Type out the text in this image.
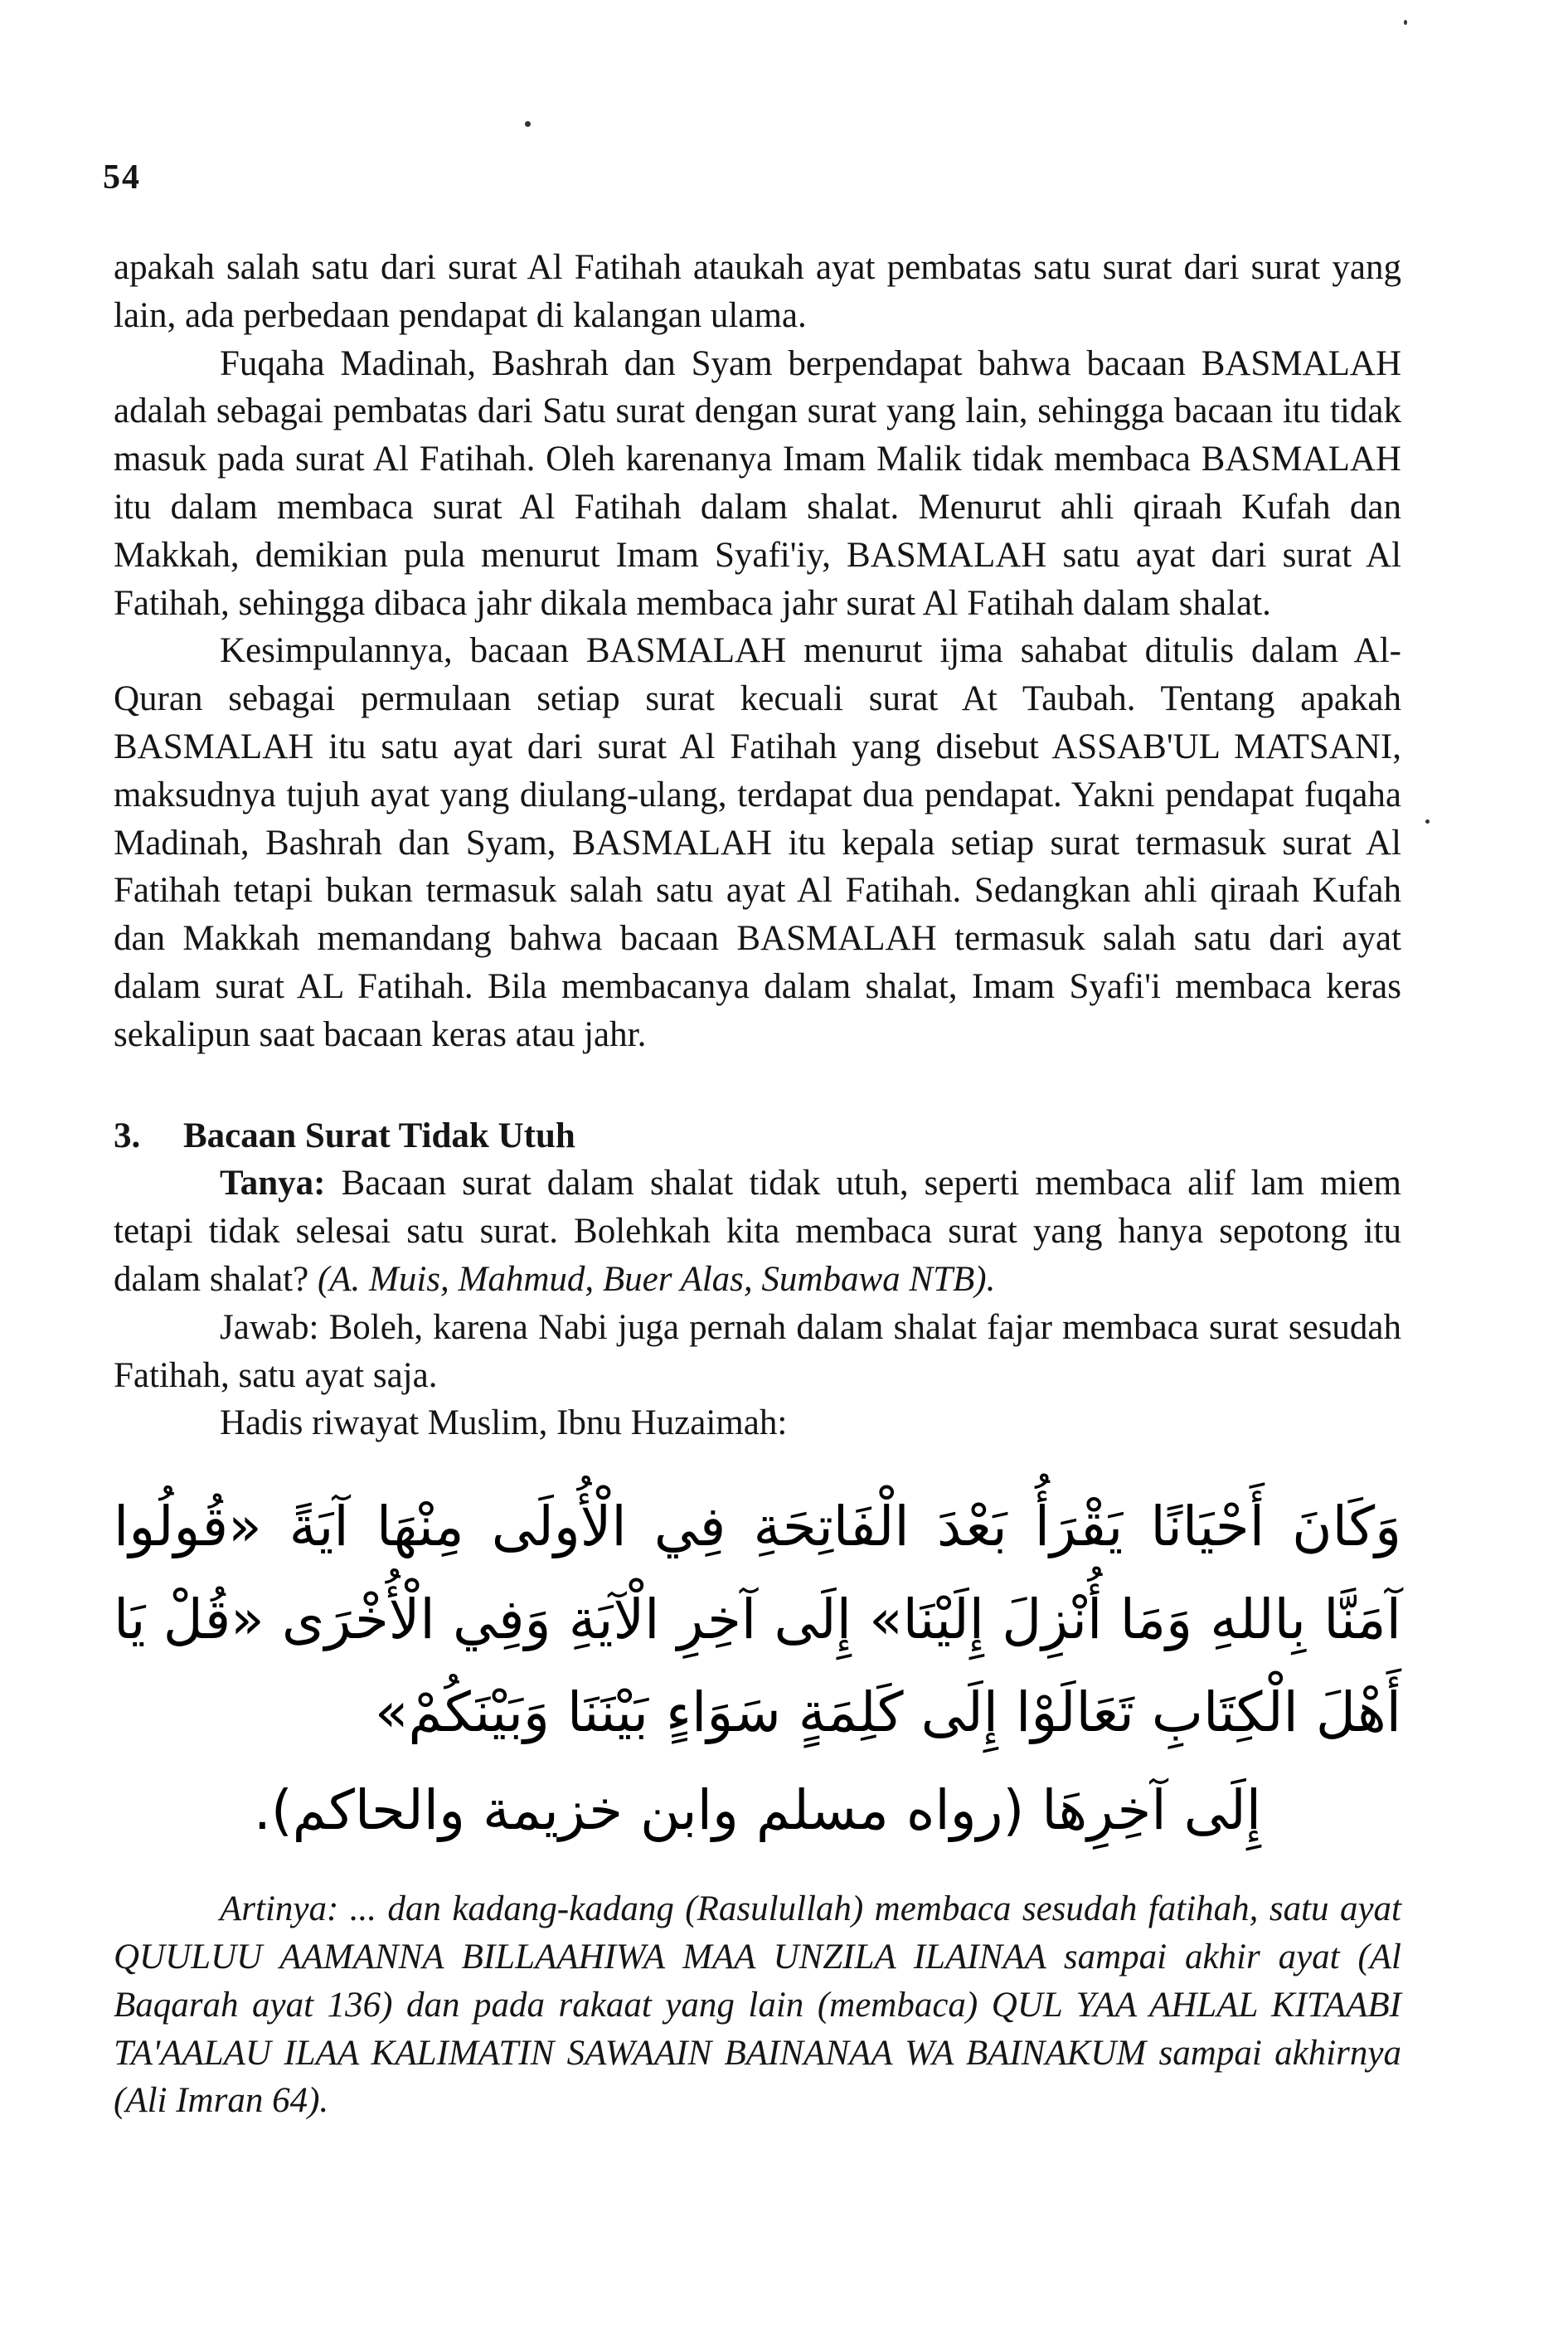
54

apakah salah satu dari surat Al Fatihah ataukah ayat pembatas satu surat dari surat yang lain, ada perbedaan pendapat di kalangan ulama.

Fuqaha Madinah, Bashrah dan Syam berpendapat bahwa bacaan BASMALAH adalah sebagai pembatas dari Satu surat dengan surat yang lain, sehingga bacaan itu tidak masuk pada surat Al Fatihah. Oleh karenanya Imam Malik tidak membaca BASMALAH itu dalam membaca surat Al Fatihah dalam shalat. Menurut ahli qiraah Kufah dan Makkah, demikian pula menurut Imam Syafi'iy, BASMALAH satu ayat dari surat Al Fatihah, sehingga dibaca jahr dikala membaca jahr surat Al Fatihah dalam shalat.

Kesimpulannya, bacaan BASMALAH menurut ijma sahabat ditulis dalam Al-Quran sebagai permulaan setiap surat kecuali surat At Taubah. Tentang apakah BASMALAH itu satu ayat dari surat Al Fatihah yang disebut ASSAB'UL MATSANI, maksudnya tujuh ayat yang diulang-ulang, terdapat dua pendapat. Yakni pendapat fuqaha Madinah, Bashrah dan Syam, BASMALAH itu kepala setiap surat termasuk surat Al Fatihah tetapi bukan termasuk salah satu ayat Al Fatihah. Sedangkan ahli qiraah Kufah dan Makkah memandang bahwa bacaan BASMALAH termasuk salah satu dari ayat dalam surat AL Fatihah. Bila membacanya dalam shalat, Imam Syafi'i membaca keras sekalipun saat bacaan keras atau jahr.

3. Bacaan Surat Tidak Utuh

Tanya: Bacaan surat dalam shalat tidak utuh, seperti membaca alif lam miem tetapi tidak selesai satu surat. Bolehkah kita membaca surat yang hanya sepotong itu dalam shalat? (A. Muis, Mahmud, Buer Alas, Sumbawa NTB).

Jawab: Boleh, karena Nabi juga pernah dalam shalat fajar membaca surat sesudah Fatihah, satu ayat saja.

Hadis riwayat Muslim, Ibnu Huzaimah:

وَكَانَ أَحْيَانًا يَقْرَأُ بَعْدَ الْفَاتِحَةِ فِي الْأُولَى مِنْهَا آيَةً «قُولُوا آمَنَّا بِاللهِ وَمَا أُنْزِلَ إِلَيْنَا» إِلَى آخِرِ الْآيَةِ وَفِي الْأُخْرَى «قُلْ يَا أَهْلَ الْكِتَابِ تَعَالَوْا إِلَى كَلِمَةٍ سَوَاءٍ بَيْنَنَا وَبَيْنَكُمْ»
إِلَى آخِرِهَا (رواه مسلم وابن خزيمة والحاكم).

Artinya: ... dan kadang-kadang (Rasulullah) membaca sesudah fatihah, satu ayat QUULUU AAMANNA BILLAAHIWA MAA UNZILA ILAINAA sampai akhir ayat (Al Baqarah ayat 136) dan pada rakaat yang lain (membaca) QUL YAA AHLAL KITAABI TA'AALAU ILAA KALIMATIN SAWAAIN BAINANAA WA BAINAKUM sampai akhirnya (Ali Imran 64).
